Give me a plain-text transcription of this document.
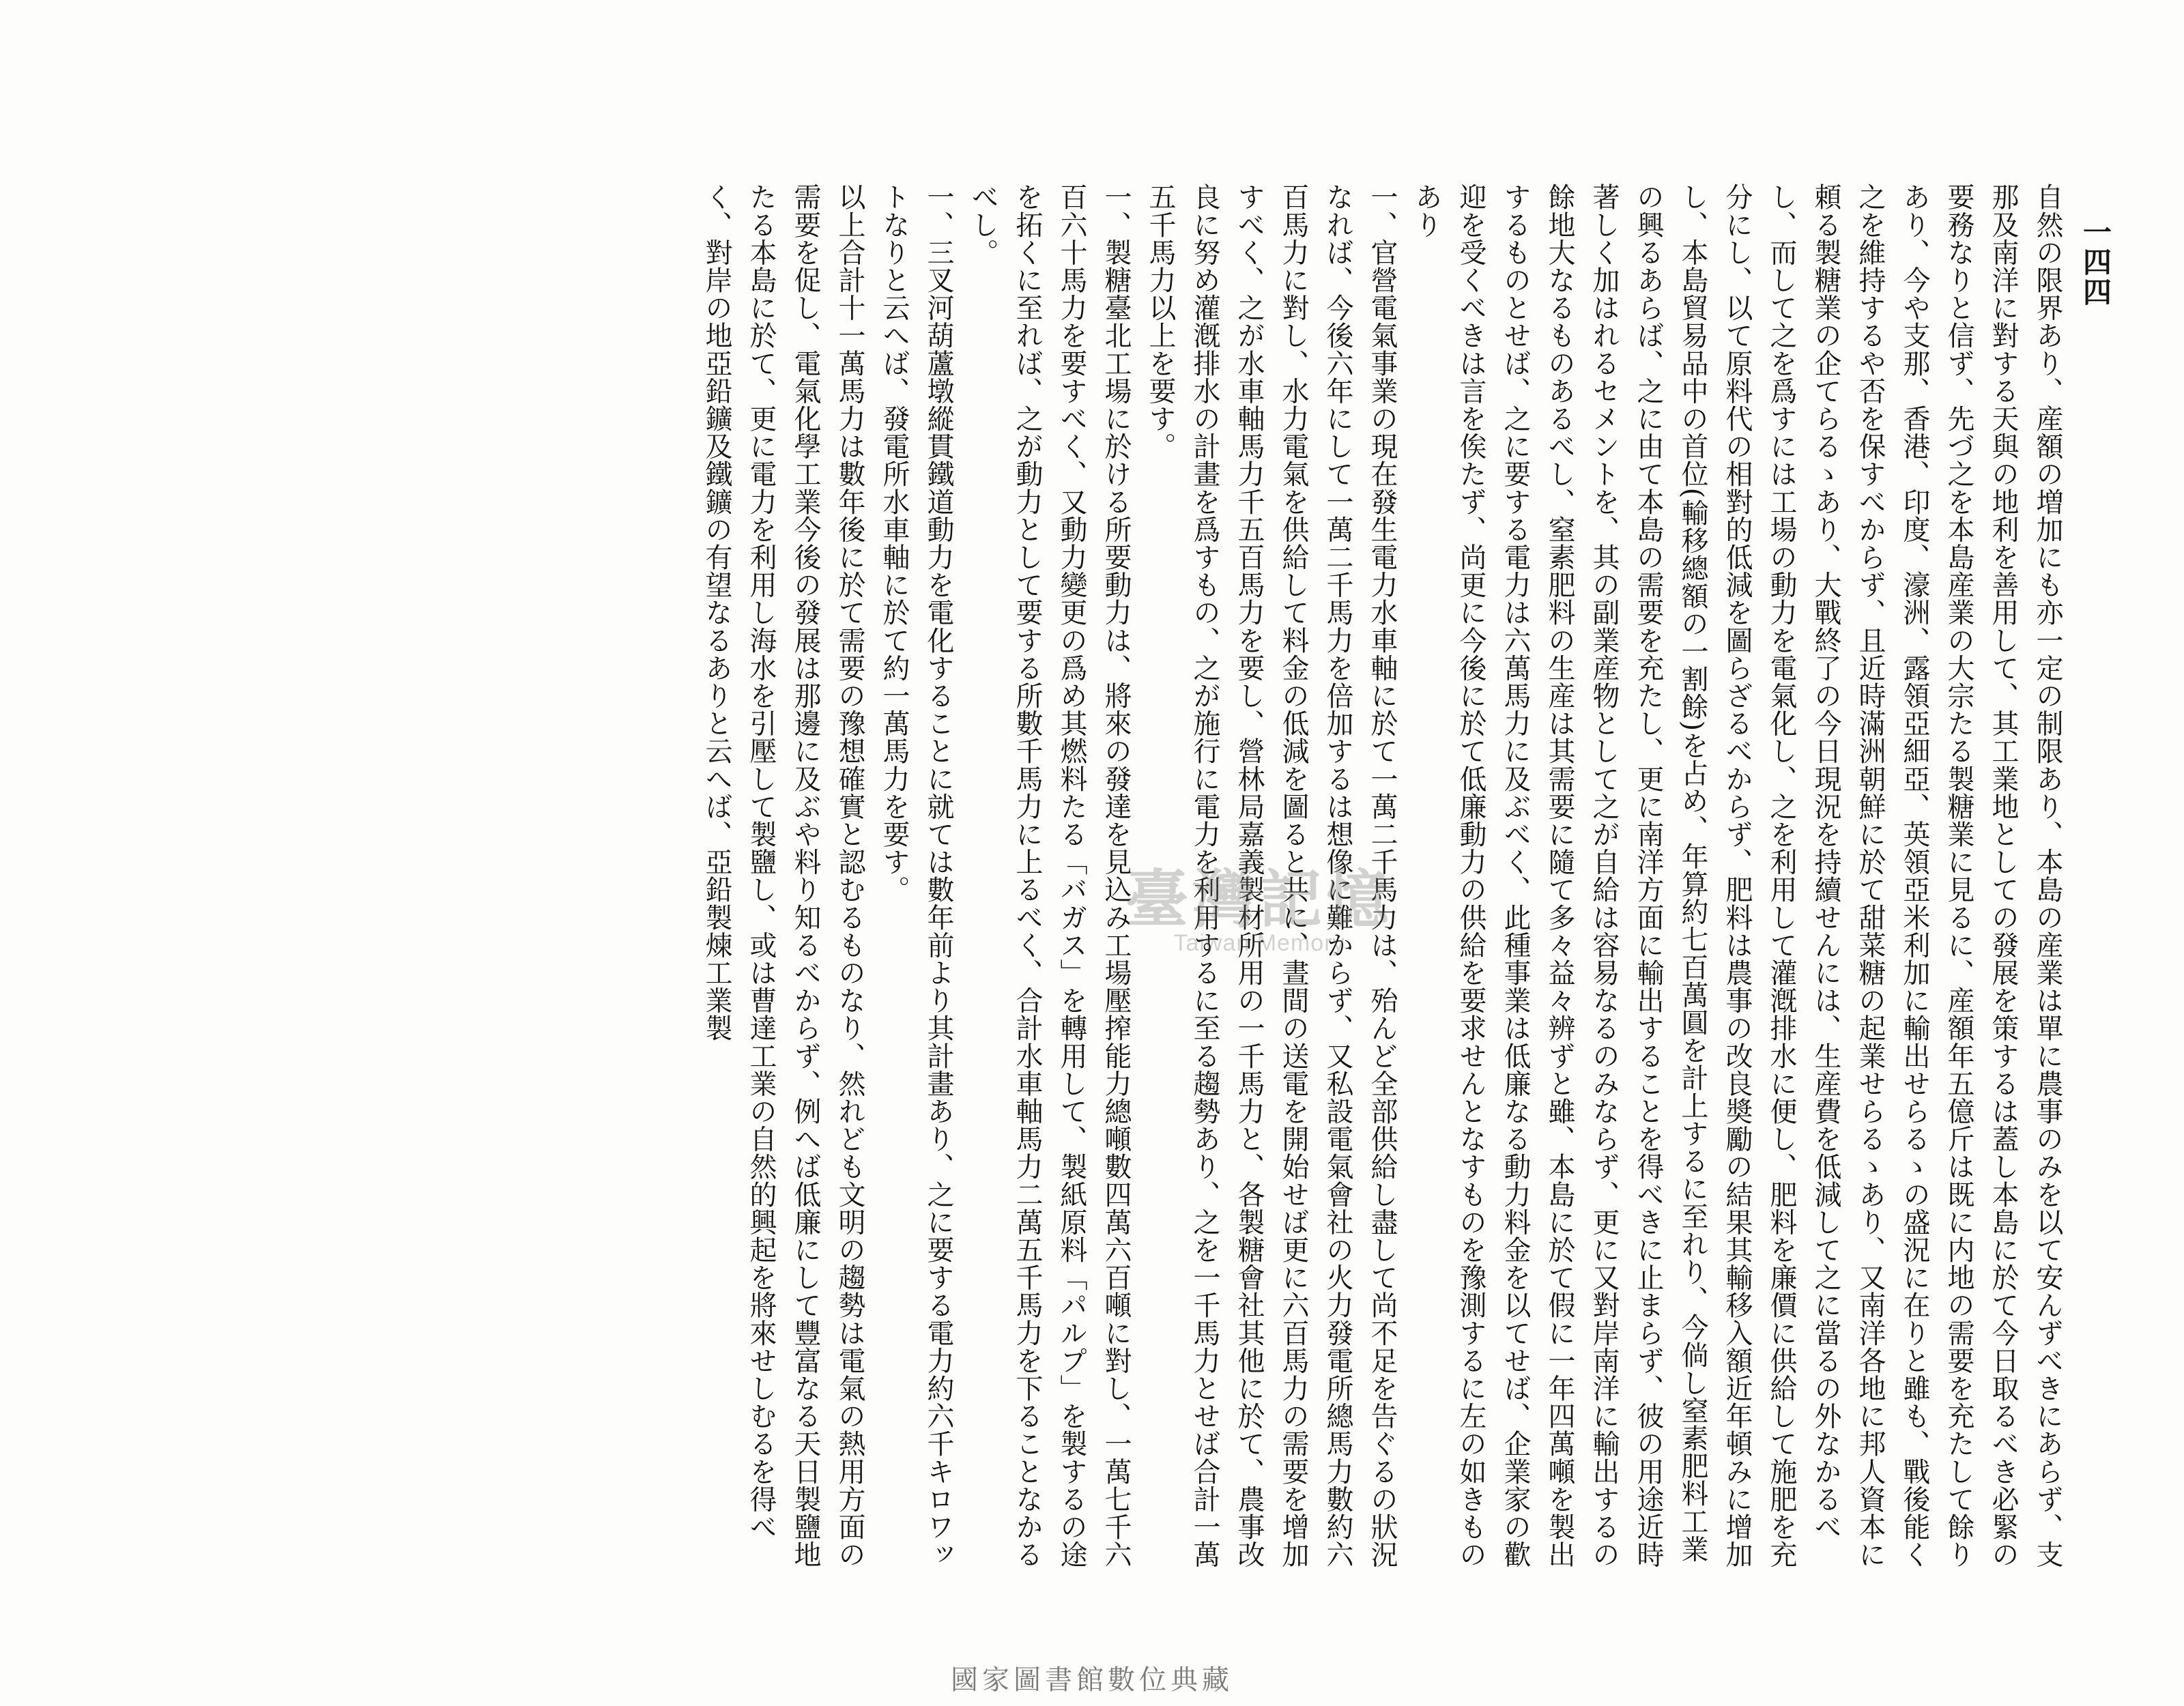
一四四

自然の限界あり、産額の増加にも亦一定の制限あり、本島の産業は單に農事のみを以て安んずべきにあらず、支那及南洋に對する天與の地利を善用して、其工業地としての發展を策するは蓋し本島に於て今日取るべき必緊の要務なりと信ず、先づ之を本島産業の大宗たる製糖業に見るに、産額年五億斤は既に内地の需要を充たして餘りあり、今や支那、香港、印度、濠洲、露領亞細亞、英領亞米利加に輸出せらるゝの盛況に在りと雖も、戰後能く之を維持するや否を保すべからず、且近時滿洲朝鮮に於て甜菜糖の起業せらるゝあり、又南洋各地に邦人資本に頼る製糖業の企てらるゝあり、大戰終了の今日現況を持續せんには、生産費を低減して之に當るの外なかるべし、而して之を爲すには工場の動力を電氣化し、之を利用して灌漑排水に便し、肥料を廉價に供給して施肥を充分にし、以て原料代の相對的低減を圖らざるべからず、肥料は農事の改良奬勵の結果其輸移入額近年頓みに增加し、本島貿易品中の首位(輸移總額の一割餘)を占め、年算約七百萬圓を計上するに至れり、今倘し窒素肥料工業の興るあらば、之に由て本島の需要を充たし、更に南洋方面に輸出することを得べきに止まらず、彼の用途近時著しく加はれるセメントを、其の副業産物として之が自給は容易なるのみならず、更に又對岸南洋に輸出するの餘地大なるものあるべし、窒素肥料の生産は其需要に隨て多々益々辨ずと雖、本島に於て假に一年四萬噸を製出するものとせば、之に要する電力は六萬馬力に及ぶべく、此種事業は低廉なる動力料金を以てせば、企業家の歡迎を受くべきは言を俟たず、尚更に今後に於て低廉動力の供給を要求せんとなすものを豫測するに左の如きものあり

一、官營電氣事業の現在發生電力水車軸に於て一萬二千馬力は、殆んど全部供給し盡して尚不足を告ぐるの狀況なれば、今後六年にして一萬二千馬力を倍加するは想像に難からず、又私設電氣會社の火力發電所總馬力數約六百馬力に對し、水力電氣を供給して料金の低減を圖ると共に、晝間の送電を開始せば更に六百馬力の需要を增加すべく、之が水車軸馬力千五百馬力を要し、營林局嘉義製材所用の一千馬力と、各製糖會社其他に於て、農事改良に努め灌漑排水の計畫を爲すもの、之が施行に電力を利用するに至る趨勢あり、之を一千馬力とせば合計一萬五千馬力以上を要す。

一、製糖臺北工場に於ける所要動力は、將來の發達を見込み工場壓搾能力總噸數四萬六百噸に對し、一萬七千六百六十馬力を要すべく、又動力變更の爲め其燃料たる「バガス」を轉用して、製紙原料「パルプ」を製するの途を拓くに至れば、之が動力として要する所數千馬力に上るべく、合計水車軸馬力二萬五千馬力を下ることなかるべし。

一、三叉河葫蘆墩縱貫鐵道動力を電化することに就ては數年前より其計畫あり、之に要する電力約六千キロワットなりと云へば、發電所水車軸に於て約一萬馬力を要す。

以上合計十一萬馬力は數年後に於て需要の豫想確實と認むるものなり、然れども文明の趨勢は電氣の熱用方面の需要を促し、電氣化學工業今後の發展は那邊に及ぶや料り知るべからず、例へば低廉にして豐富なる天日製鹽地たる本島に於て、更に電力を利用し海水を引壓して製鹽し、或は曹達工業の自然的興起を將來せしむるを得べく、對岸の地亞鉛鑛及鐵鑛の有望なるありと云へば、亞鉛製煉工業製	臺灣記憶
Taiwan Memory
國家圖書館數位典藏
